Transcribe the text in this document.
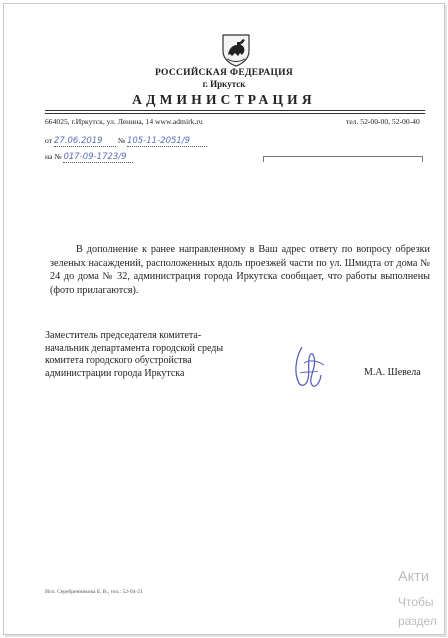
РОССИЙСКАЯ ФЕДЕРАЦИЯ
г. Иркутск
АДМИНИСТРАЦИЯ
664025, г.Иркутск, ул. Ленина, 14 www.admirk.ru	тел. 52-00-00, 52-00-40
от 27.06.2019 № 105-11-2051/9
на № 017-09-1723/9
В дополнение к ранее направленному в Ваш адрес ответу по вопросу обрезки зеленых насаждений, расположенных вдоль проезжей части по ул. Шмидта от дома № 24 до дома № 32, администрация города Иркутска сообщает, что работы выполнены (фото прилагаются).
Заместитель председателя комитета-
начальник департамента городской среды
комитета городского обустройства
администрации города Иркутска	М.А. Шевела
Исп. Серебренникова Е. В., тел.: 52-04-21
Акти
Чтобы
раздел
